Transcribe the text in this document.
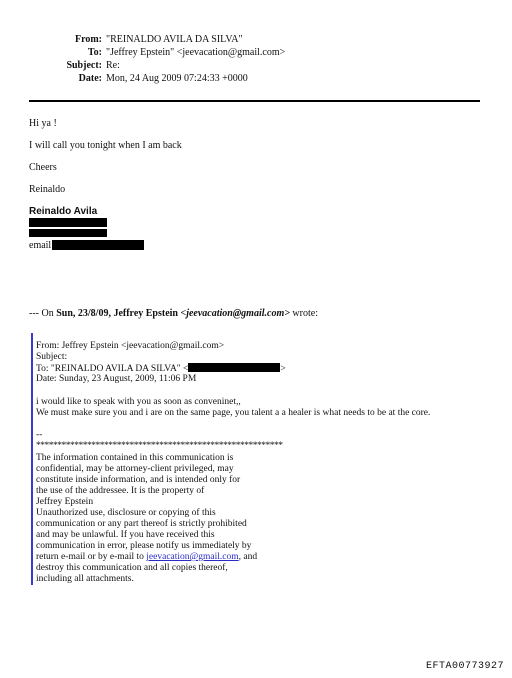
From: "REINALDO AVILA DA SILVA"
To: "Jeffrey Epstein" <jeevacation@gmail.com>
Subject: Re:
Date: Mon, 24 Aug 2009 07:24:33 +0000
Hi ya !
I will call you tonight when I am back
Cheers
Reinaldo
Reinaldo Avila
email
--- On Sun, 23/8/09, Jeffrey Epstein <jeevacation@gmail.com> wrote:
From: Jeffrey Epstein <jeevacation@gmail.com>
Subject:
To: "REINALDO AVILA DA SILVA" <	>
Date: Sunday, 23 August, 2009, 11:06 PM
i would like to speak with you as soon as conveninet,,
We must make sure you and i are on the same page, you talent a a healer is what needs to be at the core.
--
**********************************************************
The information contained in this communication is
confidential, may be attorney-client privileged, may
constitute inside information, and is intended only for
the use of the addressee. It is the property of
Jeffrey Epstein
Unauthorized use, disclosure or copying of this
communication or any part thereof is strictly prohibited
and may be unlawful. If you have received this
communication in error, please notify us immediately by
return e-mail or by e-mail to jeevacation@gmail.com, and
destroy this communication and all copies thereof,
including all attachments.
EFTA00773927
